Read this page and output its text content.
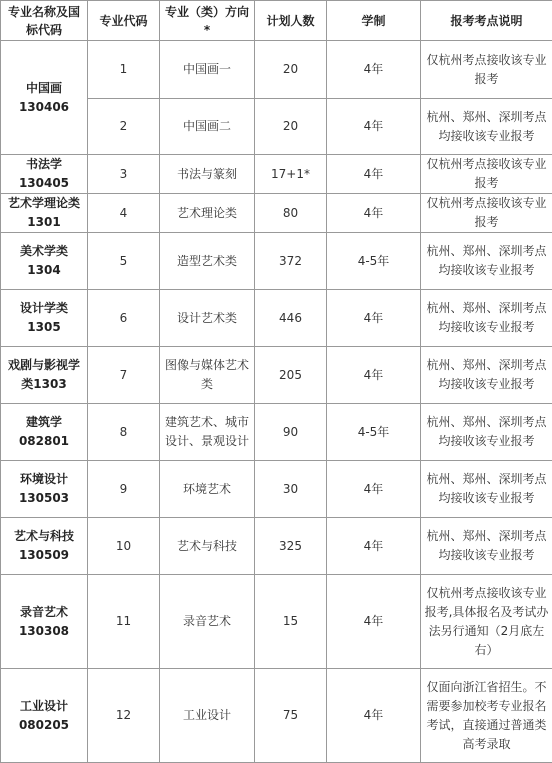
专业名称及国标代码	专业代码	专业（类）方向*	计划人数	学制	报考考点说明
中国画130406	1	中国画一	20	4年	仅杭州考点接收该专业报考
	2	中国画二	20	4年	杭州、郑州、深圳考点均接收该专业报考
书法学130405	3	书法与篆刻	17+1*	4年	仅杭州考点接收该专业报考
艺术学理论类1301	4	艺术理论类	80	4年	仅杭州考点接收该专业报考
美术学类1304	5	造型艺术类	372	4-5年	杭州、郑州、深圳考点均接收该专业报考
设计学类1305	6	设计艺术类	446	4年	杭州、郑州、深圳考点均接收该专业报考
戏剧与影视学类1303	7	图像与媒体艺术类	205	4年	杭州、郑州、深圳考点均接收该专业报考
建筑学082801	8	建筑艺术、城市设计、景观设计	90	4-5年	杭州、郑州、深圳考点均接收该专业报考
环境设计130503	9	环境艺术	30	4年	杭州、郑州、深圳考点均接收该专业报考
艺术与科技130509	10	艺术与科技	325	4年	杭州、郑州、深圳考点均接收该专业报考
录音艺术130308	11	录音艺术	15	4年	仅杭州考点接收该专业报考,具体报名及考试办法另行通知（2月底左右）
工业设计080205	12	工业设计	75	4年	仅面向浙江省招生。不需要参加校考专业报名考试，直接通过普通类高考录取
